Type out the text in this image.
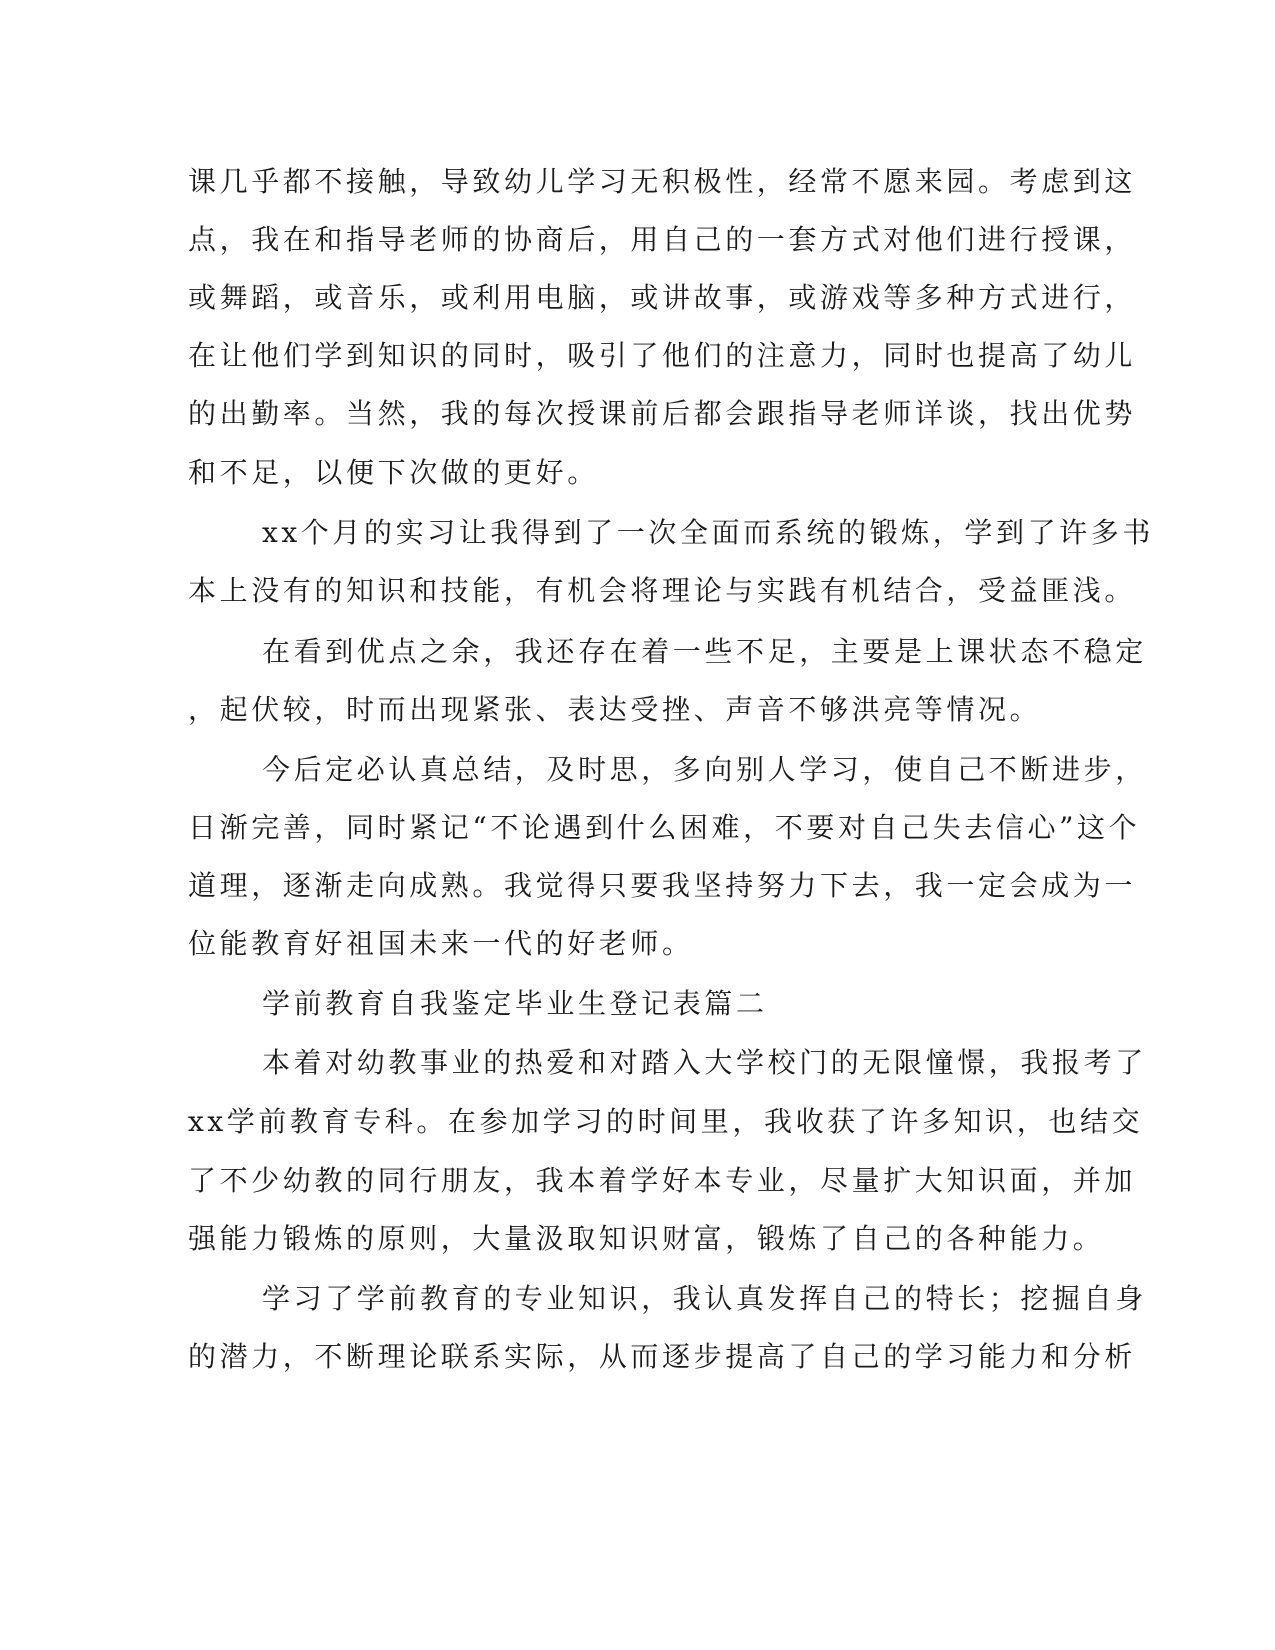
课几乎都不接触，导致幼儿学习无积极性，经常不愿来园。考虑到这
点，我在和指导老师的协商后，用自己的一套方式对他们进行授课，
或舞蹈，或音乐，或利用电脑，或讲故事，或游戏等多种方式进行，
在让他们学到知识的同时，吸引了他们的注意力，同时也提高了幼儿
的出勤率。当然，我的每次授课前后都会跟指导老师详谈，找出优势
和不足，以便下次做的更好。
xx个月的实习让我得到了一次全面而系统的锻炼，学到了许多书
本上没有的知识和技能，有机会将理论与实践有机结合，受益匪浅。
在看到优点之余，我还存在着一些不足，主要是上课状态不稳定
，起伏较，时而出现紧张、表达受挫、声音不够洪亮等情况。
今后定必认真总结，及时思，多向别人学习，使自己不断进步，
日渐完善，同时紧记“不论遇到什么困难，不要对自己失去信心”这个
道理，逐渐走向成熟。我觉得只要我坚持努力下去，我一定会成为一
位能教育好祖国未来一代的好老师。
学前教育自我鉴定毕业生登记表篇二
本着对幼教事业的热爱和对踏入大学校门的无限憧憬，我报考了
xx学前教育专科。在参加学习的时间里，我收获了许多知识，也结交
了不少幼教的同行朋友，我本着学好本专业，尽量扩大知识面，并加
强能力锻炼的原则，大量汲取知识财富，锻炼了自己的各种能力。
学习了学前教育的专业知识，我认真发挥自己的特长；挖掘自身
的潜力，不断理论联系实际，从而逐步提高了自己的学习能力和分析
